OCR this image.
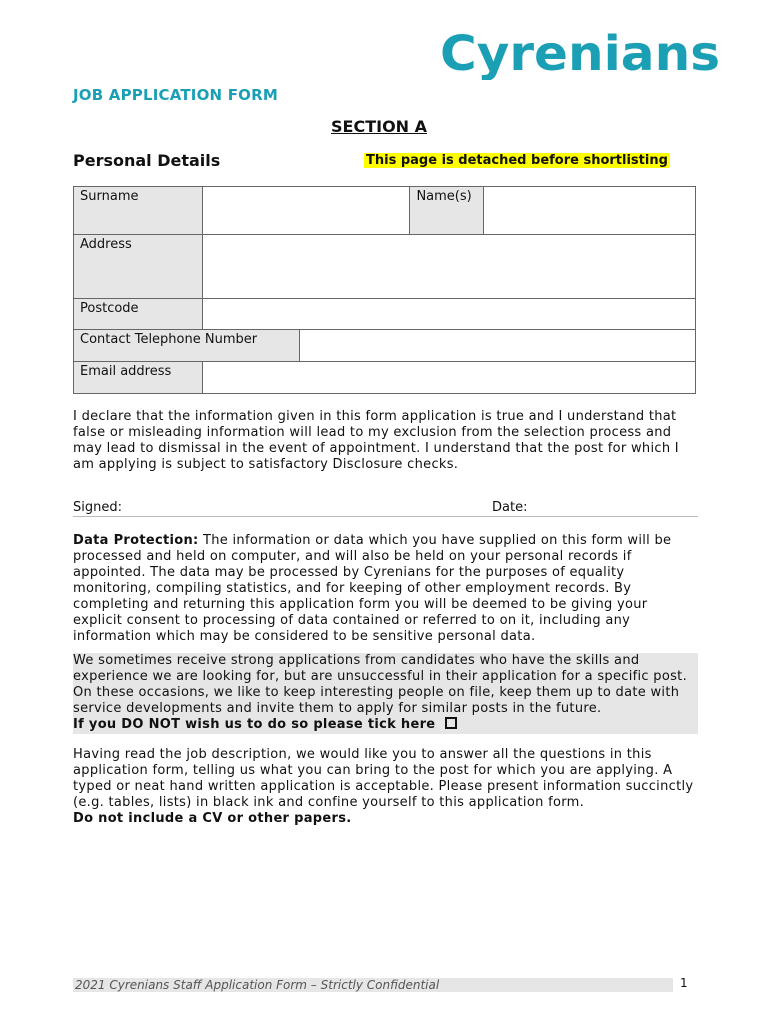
Cyrenians
JOB APPLICATION FORM
SECTION A
Personal Details	This page is detached before shortlisting
Surname			Name(s)	
Address				
Postcode				
Contact Telephone Number				
Email address				
I declare that the information given in this form application is true and I understand that false or misleading information will lead to my exclusion from the selection process and may lead to dismissal in the event of appointment. I understand that the post for which I am applying is subject to satisfactory Disclosure checks.
Signed:	Date:
Data Protection: The information or data which you have supplied on this form will be processed and held on computer, and will also be held on your personal records if appointed. The data may be processed by Cyrenians for the purposes of equality monitoring, compiling statistics, and for keeping of other employment records. By completing and returning this application form you will be deemed to be giving your explicit consent to processing of data contained or referred to on it, including any information which may be considered to be sensitive personal data.
We sometimes receive strong applications from candidates who have the skills and experience we are looking for, but are unsuccessful in their application for a specific post. On these occasions, we like to keep interesting people on file, keep them up to date with service developments and invite them to apply for similar posts in the future.
If you DO NOT wish us to do so please tick here
Having read the job description, we would like you to answer all the questions in this application form, telling us what you can bring to the post for which you are applying. A typed or neat hand written application is acceptable. Please present information succinctly (e.g. tables, lists) in black ink and confine yourself to this application form.
Do not include a CV or other papers.
2021 Cyrenians Staff Application Form – Strictly Confidential	1
